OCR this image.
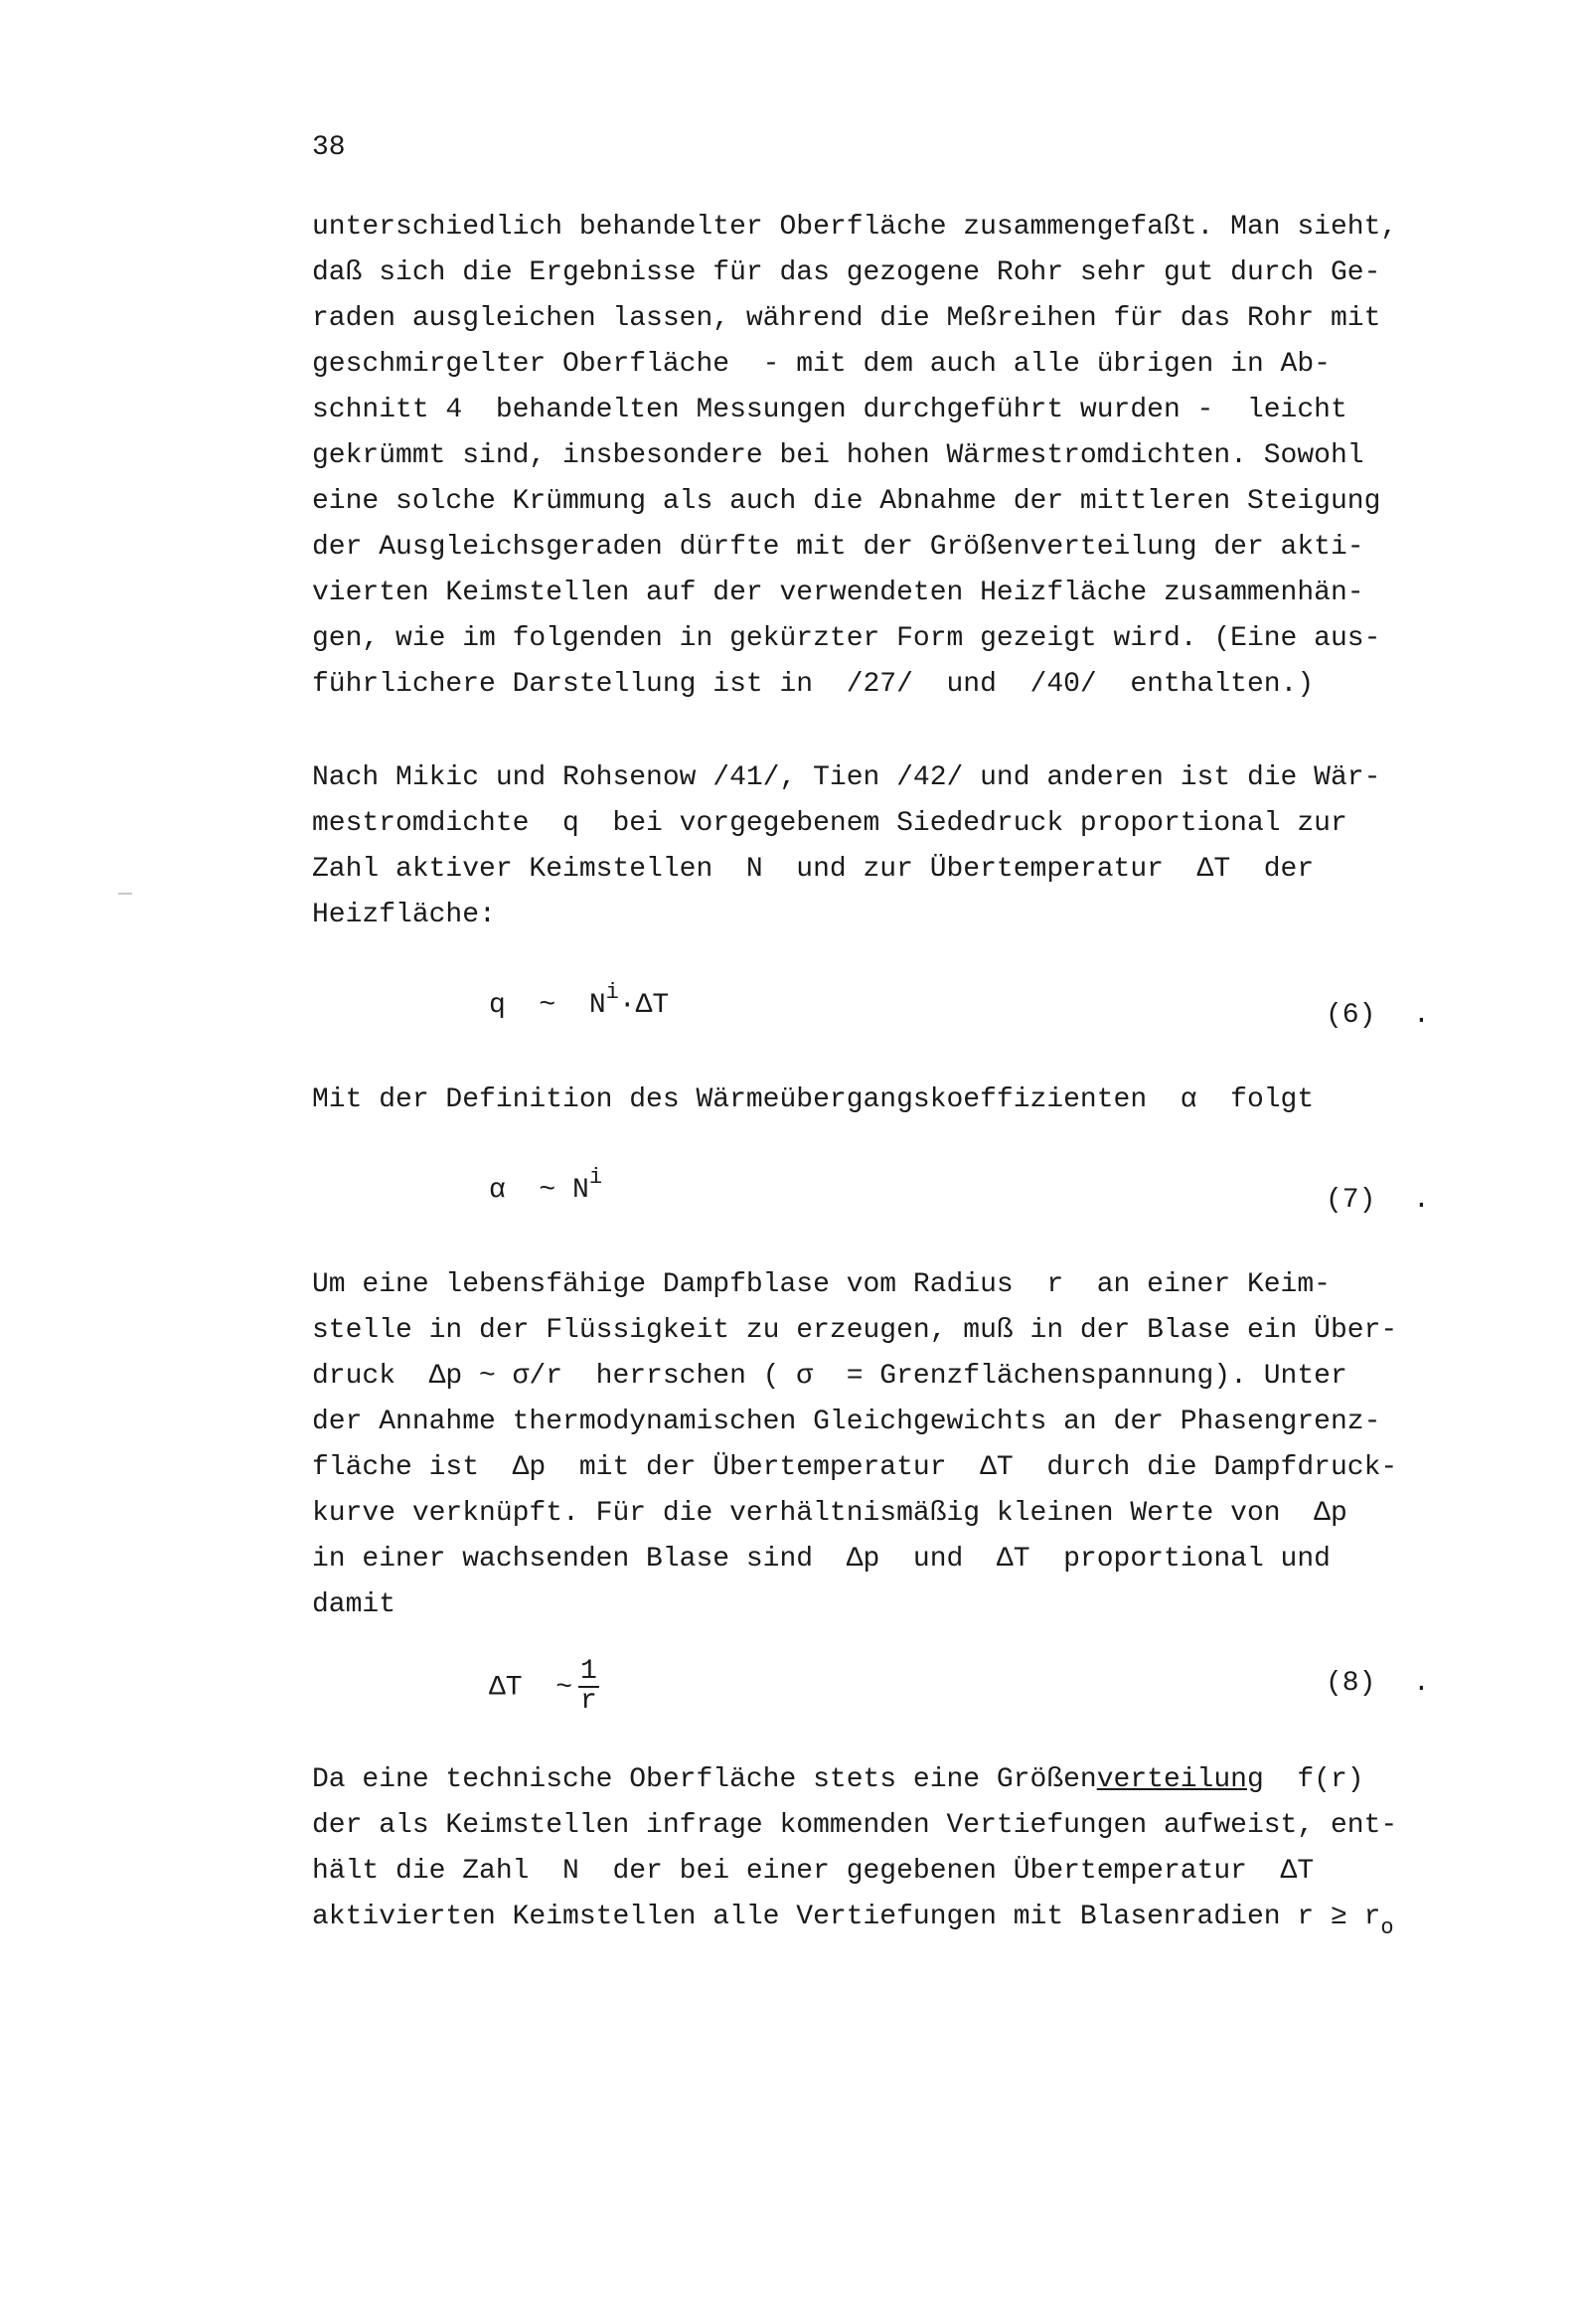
38
unterschiedlich behandelter Oberfläche zusammengefaßt. Man sieht,
daß sich die Ergebnisse für das gezogene Rohr sehr gut durch Ge-
raden ausgleichen lassen, während die Meßreihen für das Rohr mit
geschmirgelter Oberfläche  - mit dem auch alle übrigen in Ab-
schnitt 4  behandelten Messungen durchgeführt wurden -  leicht
gekrümmt sind, insbesondere bei hohen Wärmestromdichten. Sowohl
eine solche Krümmung als auch die Abnahme der mittleren Steigung
der Ausgleichsgeraden dürfte mit der Größenverteilung der akti-
vierten Keimstellen auf der verwendeten Heizfläche zusammenhän-
gen, wie im folgenden in gekürzter Form gezeigt wird. (Eine aus-
führlichere Darstellung ist in  /27/  und  /40/  enthalten.)
Nach Mikic und Rohsenow /41/, Tien /42/ und anderen ist die Wär-
mestromdichte  q  bei vorgegebenem Siededruck proportional zur
Zahl aktiver Keimstellen  N  und zur Übertemperatur  ΔT  der
Heizfläche:
q  ~  $N^i\cdot\Delta T$	(6) .
Mit der Definition des Wärmeübergangskoeffizienten  α  folgt
α  ~ $N^i$
(7) .
Um eine lebensfähige Dampfblase vom Radius  r  an einer Keim-
stelle in der Flüssigkeit zu erzeugen, muß in der Blase ein Über-
druck  Δp ~ σ/r  herrschen ( σ  = Grenzflächenspannung). Unter
der Annahme thermodynamischen Gleichgewichts an der Phasengrenz-
fläche ist  Δp  mit der Übertemperatur  ΔT  durch die Dampfdruck-
kurve verknüpft. Für die verhältnismäßig kleinen Werte von  Δp
in einer wachsenden Blase sind  Δp  und  ΔT  proportional und
damit
ΔT  ~ $\frac{1}{r}$	(8) .
Da eine technische Oberfläche stets eine Größenverteilung  f(r)
der als Keimstellen infrage kommenden Vertiefungen aufweist, ent-
hält die Zahl  N  der bei einer gegebenen Übertemperatur  ΔT
aktivierten Keimstellen alle Vertiefungen mit Blasenradien $r \ge r_o$
